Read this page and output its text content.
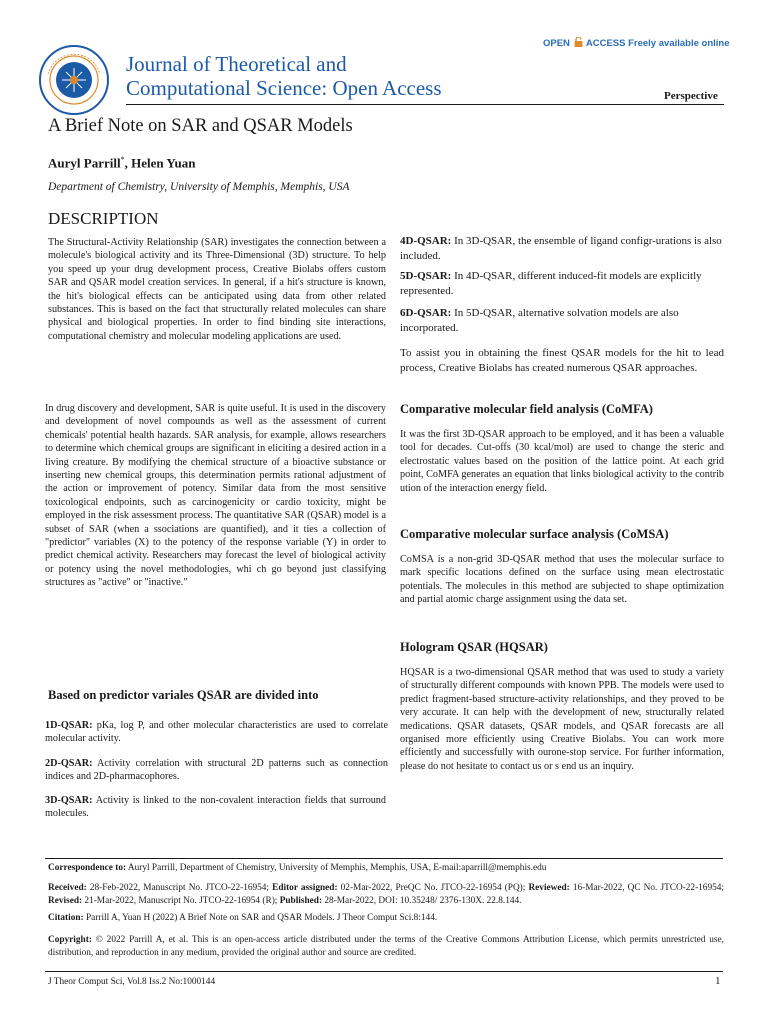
Journal of Theoretical and
Computational Science: Open Access
OPEN ACCESS Freely available online
Perspective
A Brief Note on SAR and QSAR Models
Auryl Parrill*, Helen Yuan
Department of Chemistry, University of Memphis, Memphis, USA
DESCRIPTION

The Structural-Activity Relationship (SAR) investigates the connection between a molecule's biological activity and its Three-Dimensional (3D) structure. To help you speed up your drug development process, Creative Biolabs offers custom SAR and QSAR model creation services. In general, if a hit's structure is known, the hit's biological effects can be anticipated using data from other related substances. This is based on the fact that structurally related molecules can share physical and biological properties. In order to find binding site interactions, computational chemistry and molecular modeling applications are used.

In drug discovery and development, SAR is quite useful. It is used in the discovery and development of novel compounds as well as the assessment of current chemicals' potential health hazards. SAR analysis, for example, allows researchers to determine which chemical groups are significant in eliciting a desired action in a living creature. By modifying the chemical structure of a bioactive substance or inserting new chemical groups, this determination permits rational adjustment of the action or improvement of potency. Similar data from the most sensitive toxicological endpoints, such as carcinogenicity or cardio toxicity, might be employed in the risk assessment process. The quantitative SAR (QSAR) model is a subset of SAR (when a ssociations are quantified), and it ties a collection of "predictor" variables (X) to the potency of the response variable (Y) in order to predict chemical activity. Researchers may forecast the level of biological activity or potency using the novel methodologies, whi ch go beyond just classifying structures as "active" or "inactive."

Based on predictor variales QSAR are divided into
1D-QSAR: pKa, log P, and other molecular characteristics are used to correlate molecular activity.
2D-QSAR: Activity correlation with structural 2D patterns such as connection indices and 2D-pharmacophores.
3D-QSAR: Activity is linked to the non-covalent interaction fields that surround molecules.
4D-QSAR: In 3D-QSAR, the ensemble of ligand configr-urations is also included.
5D-QSAR: In 4D-QSAR, different induced-fit models are explicitly represented.
6D-QSAR: In 5D-QSAR, alternative solvation models are also incorporated.
To assist you in obtaining the finest QSAR models for the hit to lead process, Creative Biolabs has created numerous QSAR approaches.
Comparative molecular field analysis (CoMFA)
It was the first 3D-QSAR approach to be employed, and it has been a valuable tool for decades. Cut-offs (30 kcal/mol) are used to change the steric and electrostatic values based on the position of the lattice point. At each grid point, CoMFA generates an equation that links biological activity to the contrib ution of the interaction energy field.
Comparative molecular surface analysis (CoMSA)
CoMSA is a non-grid 3D-QSAR method that uses the molecular surface to mark specific locations defined on the surface using mean electrostatic potentials. The molecules in this method are subjected to shape optimization and partial atomic charge assignment using the data set.
Hologram QSAR (HQSAR)
HQSAR is a two-dimensional QSAR method that was used to study a variety of structurally different compounds with known PPB. The models were used to predict fragment-based structure-activity relationships, and they proved to be very accurate. It can help with the development of new, structurally related medications. QSAR datasets, QSAR models, and QSAR forecasts are all organised more efficiently using Creative Biolabs. You can work more efficiently and successfully with ourone-stop service. For further information, please do not hesitate to contact us or s end us an inquiry.
Correspondence to: Auryl Parrill, Department of Chemistry, University of Memphis, Memphis, USA, E-mail:aparrill@memphis.edu
Received: 28-Feb-2022, Manuscript No. JTCO-22-16954; Editor assigned: 02-Mar-2022, PreQC No. JTCO-22-16954 (PQ); Reviewed: 16-Mar-2022, QC No. JTCO-22-16954; Revised: 21-Mar-2022, Manuscript No. JTCO-22-16954 (R); Published: 28-Mar-2022, DOI: 10.35248/ 2376-130X. 22.8.144.
Citation: Parrill A, Yuan H (2022) A Brief Note on SAR and QSAR Models. J Theor Comput Sci.8:144.
Copyright: © 2022 Parrill A, et al. This is an open-access article distributed under the terms of the Creative Commons Attribution License, which permits unrestricted use, distribution, and reproduction in any medium, provided the original author and source are credited.
J Theor Comput Sci, Vol.8 Iss.2 No:1000144	1
